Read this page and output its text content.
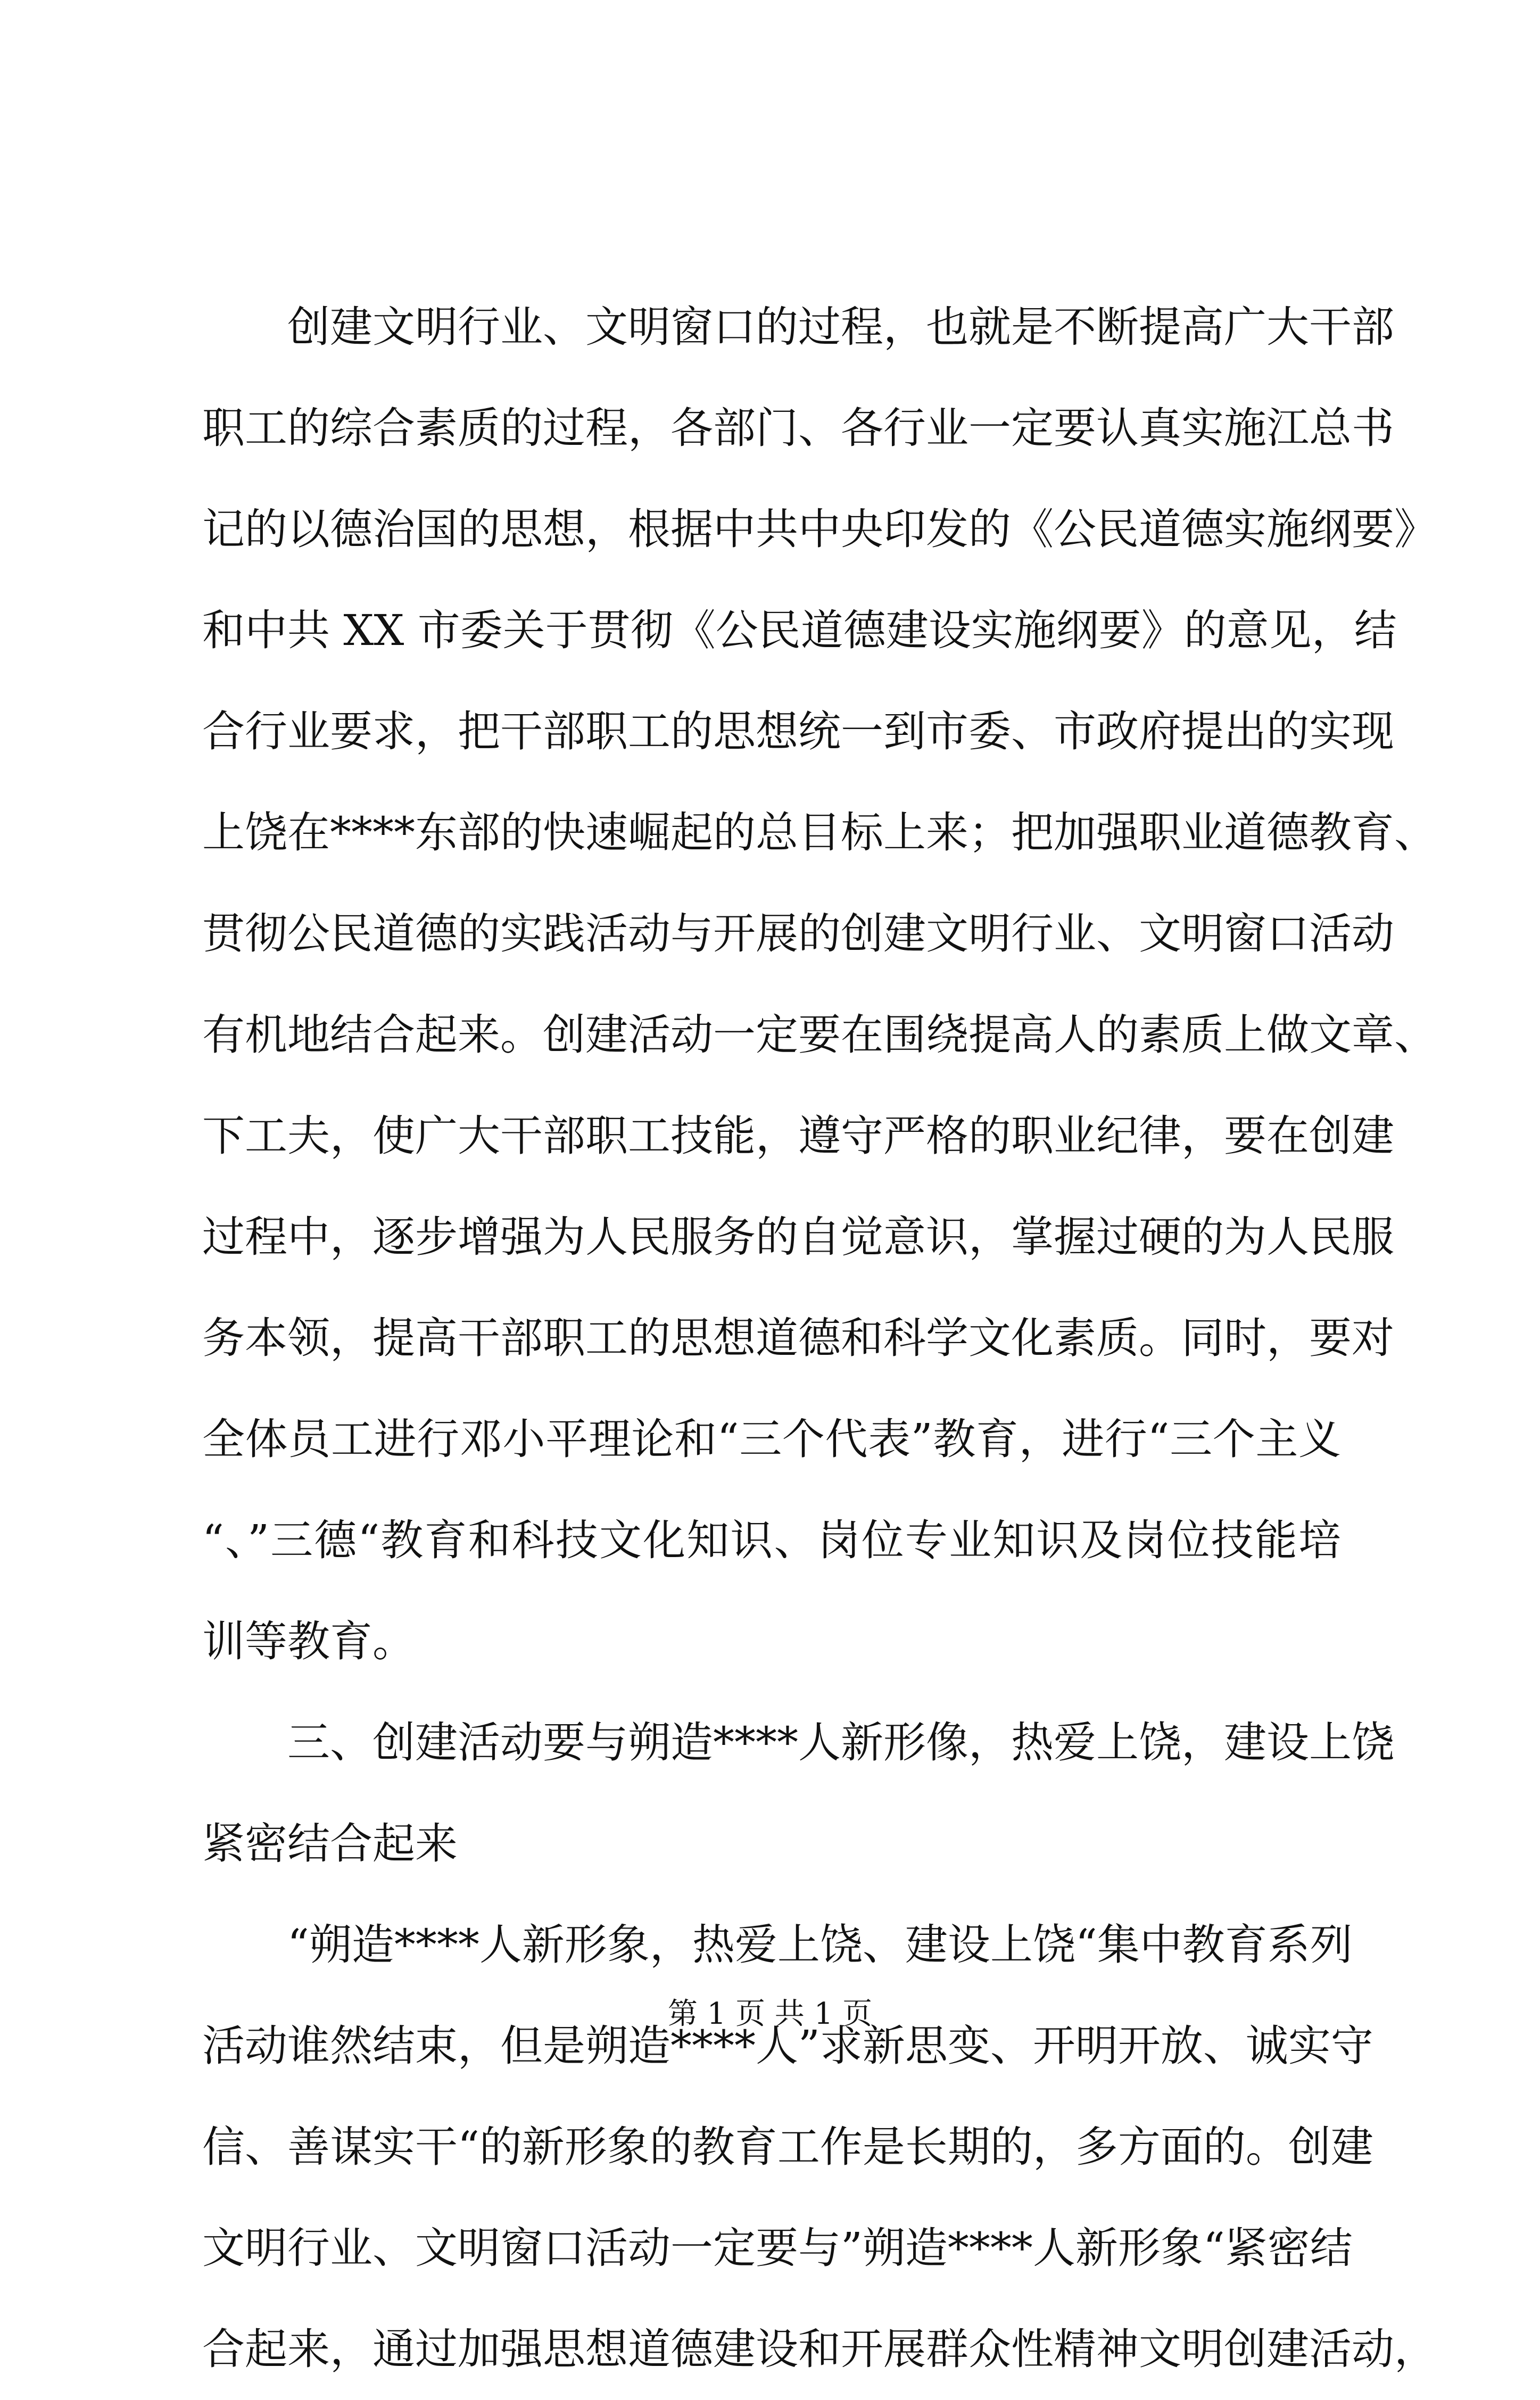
创建文明行业、文明窗口的过程，也就是不断提高广大干部
职工的综合素质的过程，各部门、各行业一定要认真实施江总书
记的以德治国的思想，根据中共中央印发的《公民道德实施纲要》
和中共 XX 市委关于贯彻《公民道德建设实施纲要》的意见，结
合行业要求，把干部职工的思想统一到市委、市政府提出的实现
上饶在****东部的快速崛起的总目标上来；把加强职业道德教育、
贯彻公民道德的实践活动与开展的创建文明行业、文明窗口活动
有机地结合起来。创建活动一定要在围绕提高人的素质上做文章、
下工夫，使广大干部职工技能，遵守严格的职业纪律，要在创建
过程中，逐步增强为人民服务的自觉意识，掌握过硬的为人民服
务本领，提高干部职工的思想道德和科学文化素质。同时，要对
全体员工进行邓小平理论和“三个代表”教育，进行“三个主义
“、”三德“教育和科技文化知识、岗位专业知识及岗位技能培
训等教育。
三、创建活动要与朔造****人新形像，热爱上饶，建设上饶
紧密结合起来
“朔造****人新形象，热爱上饶、建设上饶“集中教育系列
活动谁然结束，但是朔造****人”求新思变、开明开放、诚实守
信、善谋实干“的新形象的教育工作是长期的，多方面的。创建
文明行业、文明窗口活动一定要与”朔造****人新形象“紧密结
合起来，通过加强思想道德建设和开展群众性精神文明创建活动，
第 1 页 共 1 页
